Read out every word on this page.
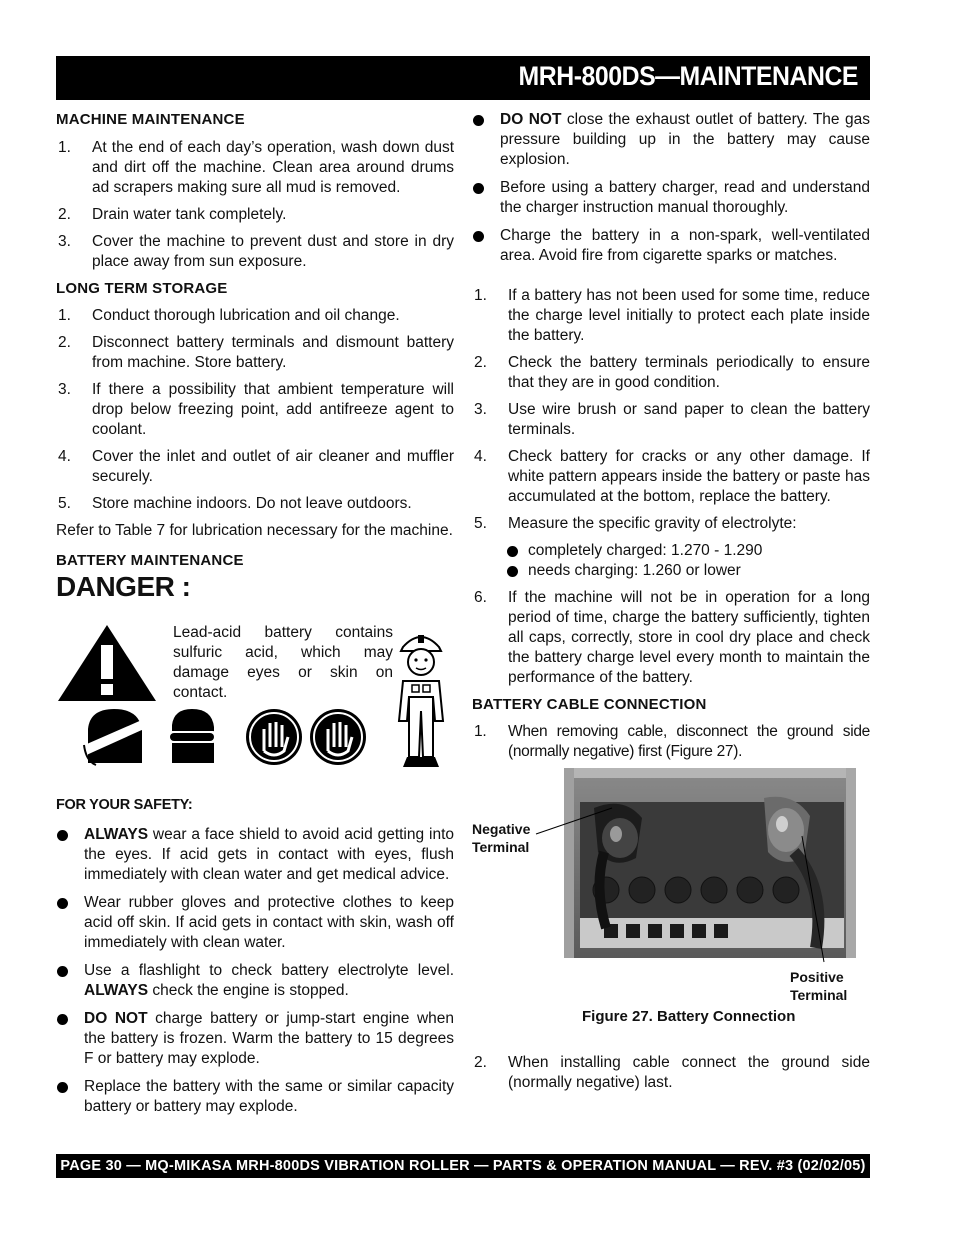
MRH-800DS—MAINTENANCE

MACHINE MAINTENANCE

1. At the end of each day’s operation, wash down dust and dirt off the machine. Clean area around drums ad scrapers making sure all mud is removed.

2. Drain water tank completely.

3. Cover the machine to prevent dust and store in dry place away from sun exposure.

LONG TERM STORAGE

1. Conduct thorough lubrication and oil change.

2. Disconnect battery terminals and dismount battery from machine. Store battery.

3. If there a possibility that ambient temperature will drop below freezing point, add antifreeze agent to coolant.

4. Cover the inlet and outlet of air cleaner and muffler securely.

5. Store machine indoors. Do not leave outdoors.

Refer to Table 7 for lubrication necessary for the machine.

BATTERY MAINTENANCE

DANGER :

Lead-acid battery contains sulfuric acid, which may damage eyes or skin on contact.

FOR YOUR SAFETY:

ALWAYS wear a face shield to avoid acid getting into the eyes. If acid gets in contact with eyes, flush immediately with clean water and get medical advice.

Wear rubber gloves and protective clothes to keep acid off skin. If acid gets in contact with skin, wash off immediately with clean water.

Use a flashlight to check battery electrolyte level. ALWAYS check the engine is stopped.

DO NOT charge battery or jump-start engine when the battery is frozen. Warm the battery to 15 degrees F or battery may explode.

Replace the battery with the same or similar capacity battery or battery may explode.

DO NOT close the exhaust outlet of battery. The gas pressure building up in the battery may cause explosion.

Before using a battery charger, read and understand the charger instruction manual thoroughly.

Charge the battery in a non-spark, well-ventilated area. Avoid fire from cigarette sparks or matches.

1. If a battery has not been used for some time, reduce the charge level initially to protect each plate inside the battery.

2. Check the battery terminals periodically to ensure that they are in good condition.

3. Use wire brush or sand paper to clean the battery terminals.

4. Check battery for cracks or any other damage. If white pattern appears inside the battery or paste has accumulated at the bottom, replace the battery.

5. Measure the specific gravity of electrolyte:

completely charged: 1.270 - 1.290

needs charging: 1.260 or lower

6. If the machine will not be in operation for a long period of time, charge the battery sufficiently, tighten all caps, correctly, store in cool dry place and check the battery charge level every month to maintain the performance of the battery.

BATTERY CABLE CONNECTION

1. When removing cable, disconnect the ground side (normally negative) first (Figure 27).

Negative
Terminal
Positive
Terminal
Figure 27. Battery Connection

2. When installing cable connect the ground side (normally negative) last.

PAGE 30 — MQ-MIKASA MRH-800DS VIBRATION ROLLER — PARTS & OPERATION MANUAL — REV. #3 (02/02/05)
